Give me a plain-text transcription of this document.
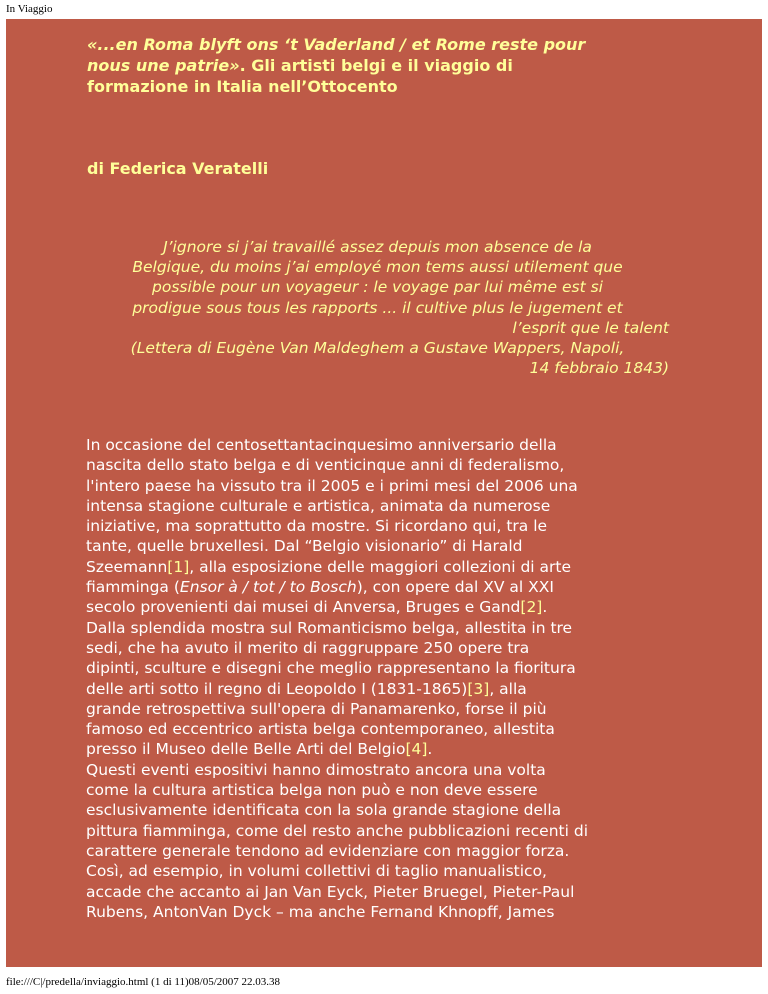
In Viaggio
«...en Roma blyft ons ‘t Vaderland / et Rome reste pour
nous une patrie». Gli artisti belgi e il viaggio di
formazione in Italia nell’Ottocento
di Federica Veratelli
J’ignore si j’ai travaillé assez depuis mon absence de la
Belgique, du moins j’ai employé mon tems aussi utilement que
possible pour un voyageur : le voyage par lui même est si
prodigue sous tous les rapports ... il cultive plus le jugement et
l’esprit que le talent
(Lettera di Eugène Van Maldeghem a Gustave Wappers, Napoli,
14 febbraio 1843)
In occasione del centosettantacinquesimo anniversario della
nascita dello stato belga e di venticinque anni di federalismo,
l'intero paese ha vissuto tra il 2005 e i primi mesi del 2006 una
intensa stagione culturale e artistica, animata da numerose
iniziative, ma soprattutto da mostre. Si ricordano qui, tra le
tante, quelle bruxellesi. Dal “Belgio visionario” di Harald
Szeemann[1], alla esposizione delle maggiori collezioni di arte
fiamminga (Ensor à / tot / to Bosch), con opere dal XV al XXI
secolo provenienti dai musei di Anversa, Bruges e Gand[2].
Dalla splendida mostra sul Romanticismo belga, allestita in tre
sedi, che ha avuto il merito di raggruppare 250 opere tra
dipinti, sculture e disegni che meglio rappresentano la fioritura
delle arti sotto il regno di Leopoldo I (1831-1865)[3], alla
grande retrospettiva sull'opera di Panamarenko, forse il più
famoso ed eccentrico artista belga contemporaneo, allestita
presso il Museo delle Belle Arti del Belgio[4].
Questi eventi espositivi hanno dimostrato ancora una volta
come la cultura artistica belga non può e non deve essere
esclusivamente identificata con la sola grande stagione della
pittura fiamminga, come del resto anche pubblicazioni recenti di
carattere generale tendono ad evidenziare con maggior forza.
Così, ad esempio, in volumi collettivi di taglio manualistico,
accade che accanto ai Jan Van Eyck, Pieter Bruegel, Pieter-Paul
Rubens, AntonVan Dyck – ma anche Fernand Khnopff, James
file:///C|/predella/inviaggio.html (1 di 11)08/05/2007 22.03.38
